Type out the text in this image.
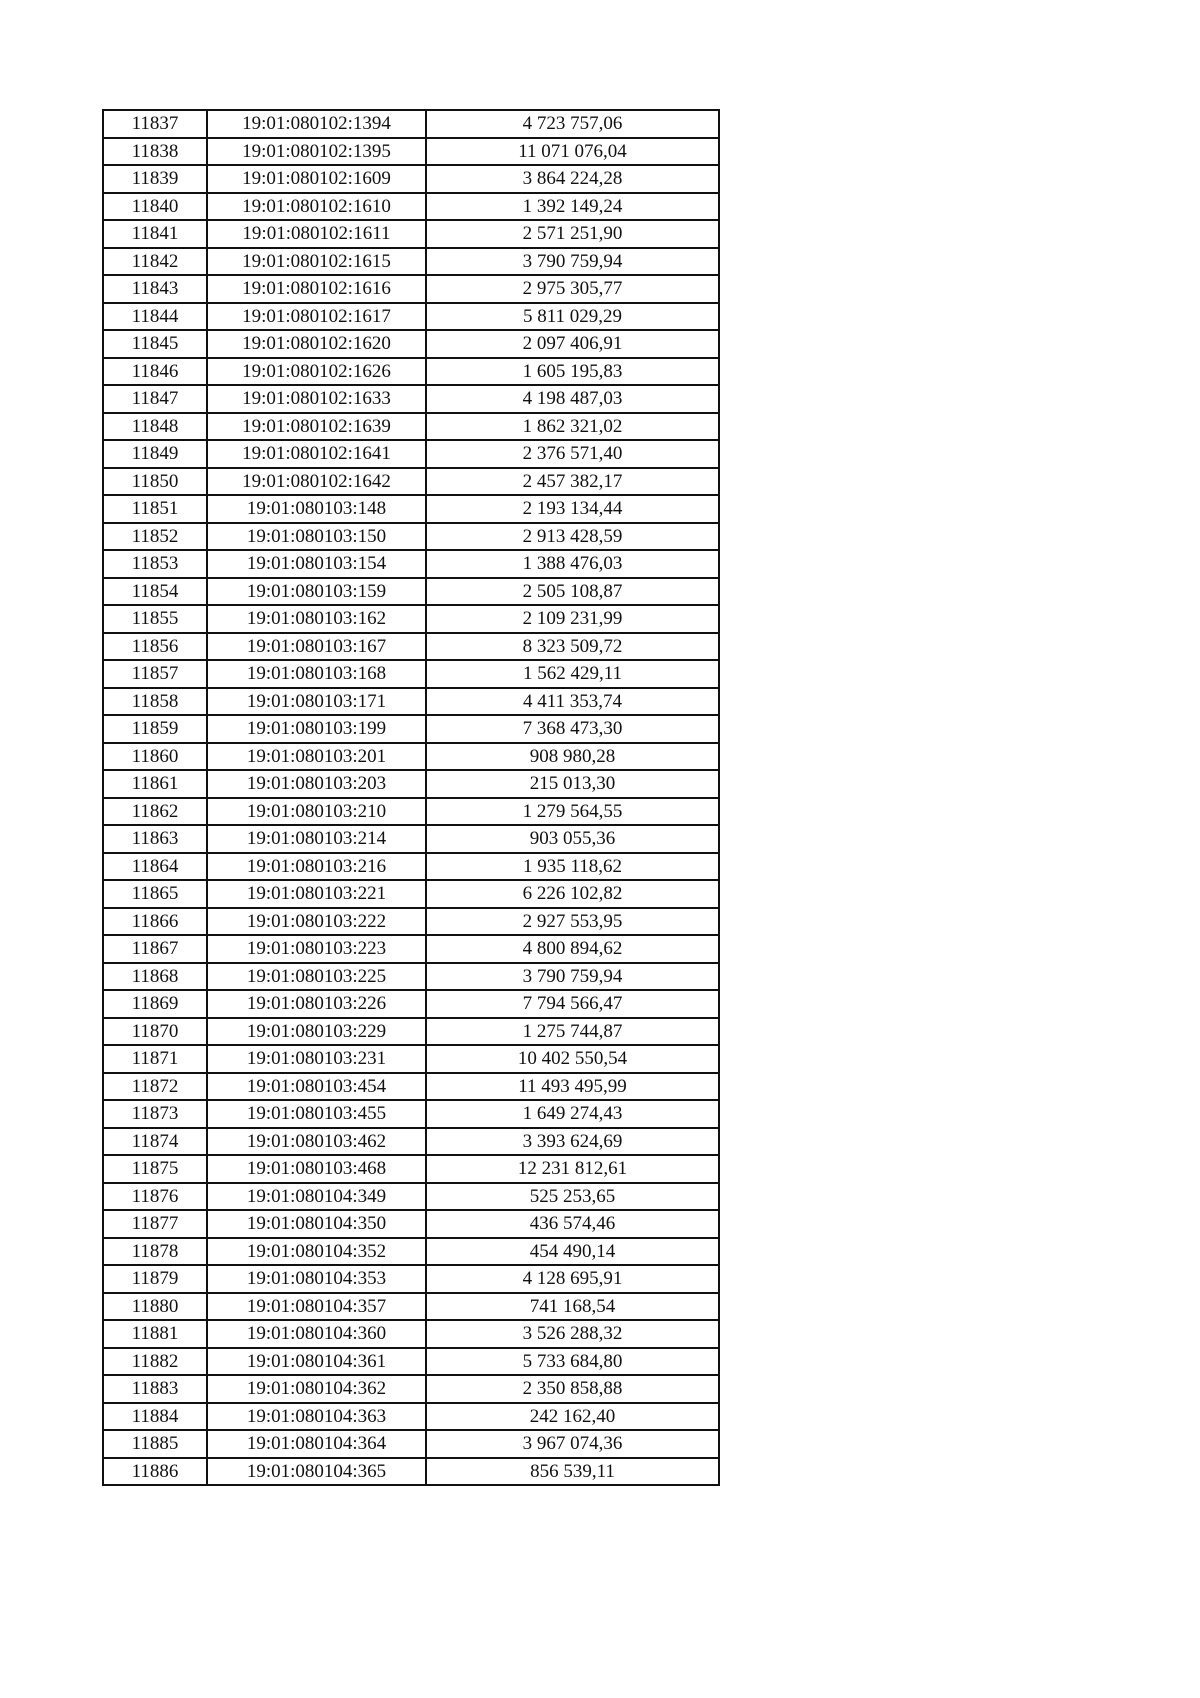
11837	19:01:080102:1394	4 723 757,06
11838	19:01:080102:1395	11 071 076,04
11839	19:01:080102:1609	3 864 224,28
11840	19:01:080102:1610	1 392 149,24
11841	19:01:080102:1611	2 571 251,90
11842	19:01:080102:1615	3 790 759,94
11843	19:01:080102:1616	2 975 305,77
11844	19:01:080102:1617	5 811 029,29
11845	19:01:080102:1620	2 097 406,91
11846	19:01:080102:1626	1 605 195,83
11847	19:01:080102:1633	4 198 487,03
11848	19:01:080102:1639	1 862 321,02
11849	19:01:080102:1641	2 376 571,40
11850	19:01:080102:1642	2 457 382,17
11851	19:01:080103:148	2 193 134,44
11852	19:01:080103:150	2 913 428,59
11853	19:01:080103:154	1 388 476,03
11854	19:01:080103:159	2 505 108,87
11855	19:01:080103:162	2 109 231,99
11856	19:01:080103:167	8 323 509,72
11857	19:01:080103:168	1 562 429,11
11858	19:01:080103:171	4 411 353,74
11859	19:01:080103:199	7 368 473,30
11860	19:01:080103:201	908 980,28
11861	19:01:080103:203	215 013,30
11862	19:01:080103:210	1 279 564,55
11863	19:01:080103:214	903 055,36
11864	19:01:080103:216	1 935 118,62
11865	19:01:080103:221	6 226 102,82
11866	19:01:080103:222	2 927 553,95
11867	19:01:080103:223	4 800 894,62
11868	19:01:080103:225	3 790 759,94
11869	19:01:080103:226	7 794 566,47
11870	19:01:080103:229	1 275 744,87
11871	19:01:080103:231	10 402 550,54
11872	19:01:080103:454	11 493 495,99
11873	19:01:080103:455	1 649 274,43
11874	19:01:080103:462	3 393 624,69
11875	19:01:080103:468	12 231 812,61
11876	19:01:080104:349	525 253,65
11877	19:01:080104:350	436 574,46
11878	19:01:080104:352	454 490,14
11879	19:01:080104:353	4 128 695,91
11880	19:01:080104:357	741 168,54
11881	19:01:080104:360	3 526 288,32
11882	19:01:080104:361	5 733 684,80
11883	19:01:080104:362	2 350 858,88
11884	19:01:080104:363	242 162,40
11885	19:01:080104:364	3 967 074,36
11886	19:01:080104:365	856 539,11
